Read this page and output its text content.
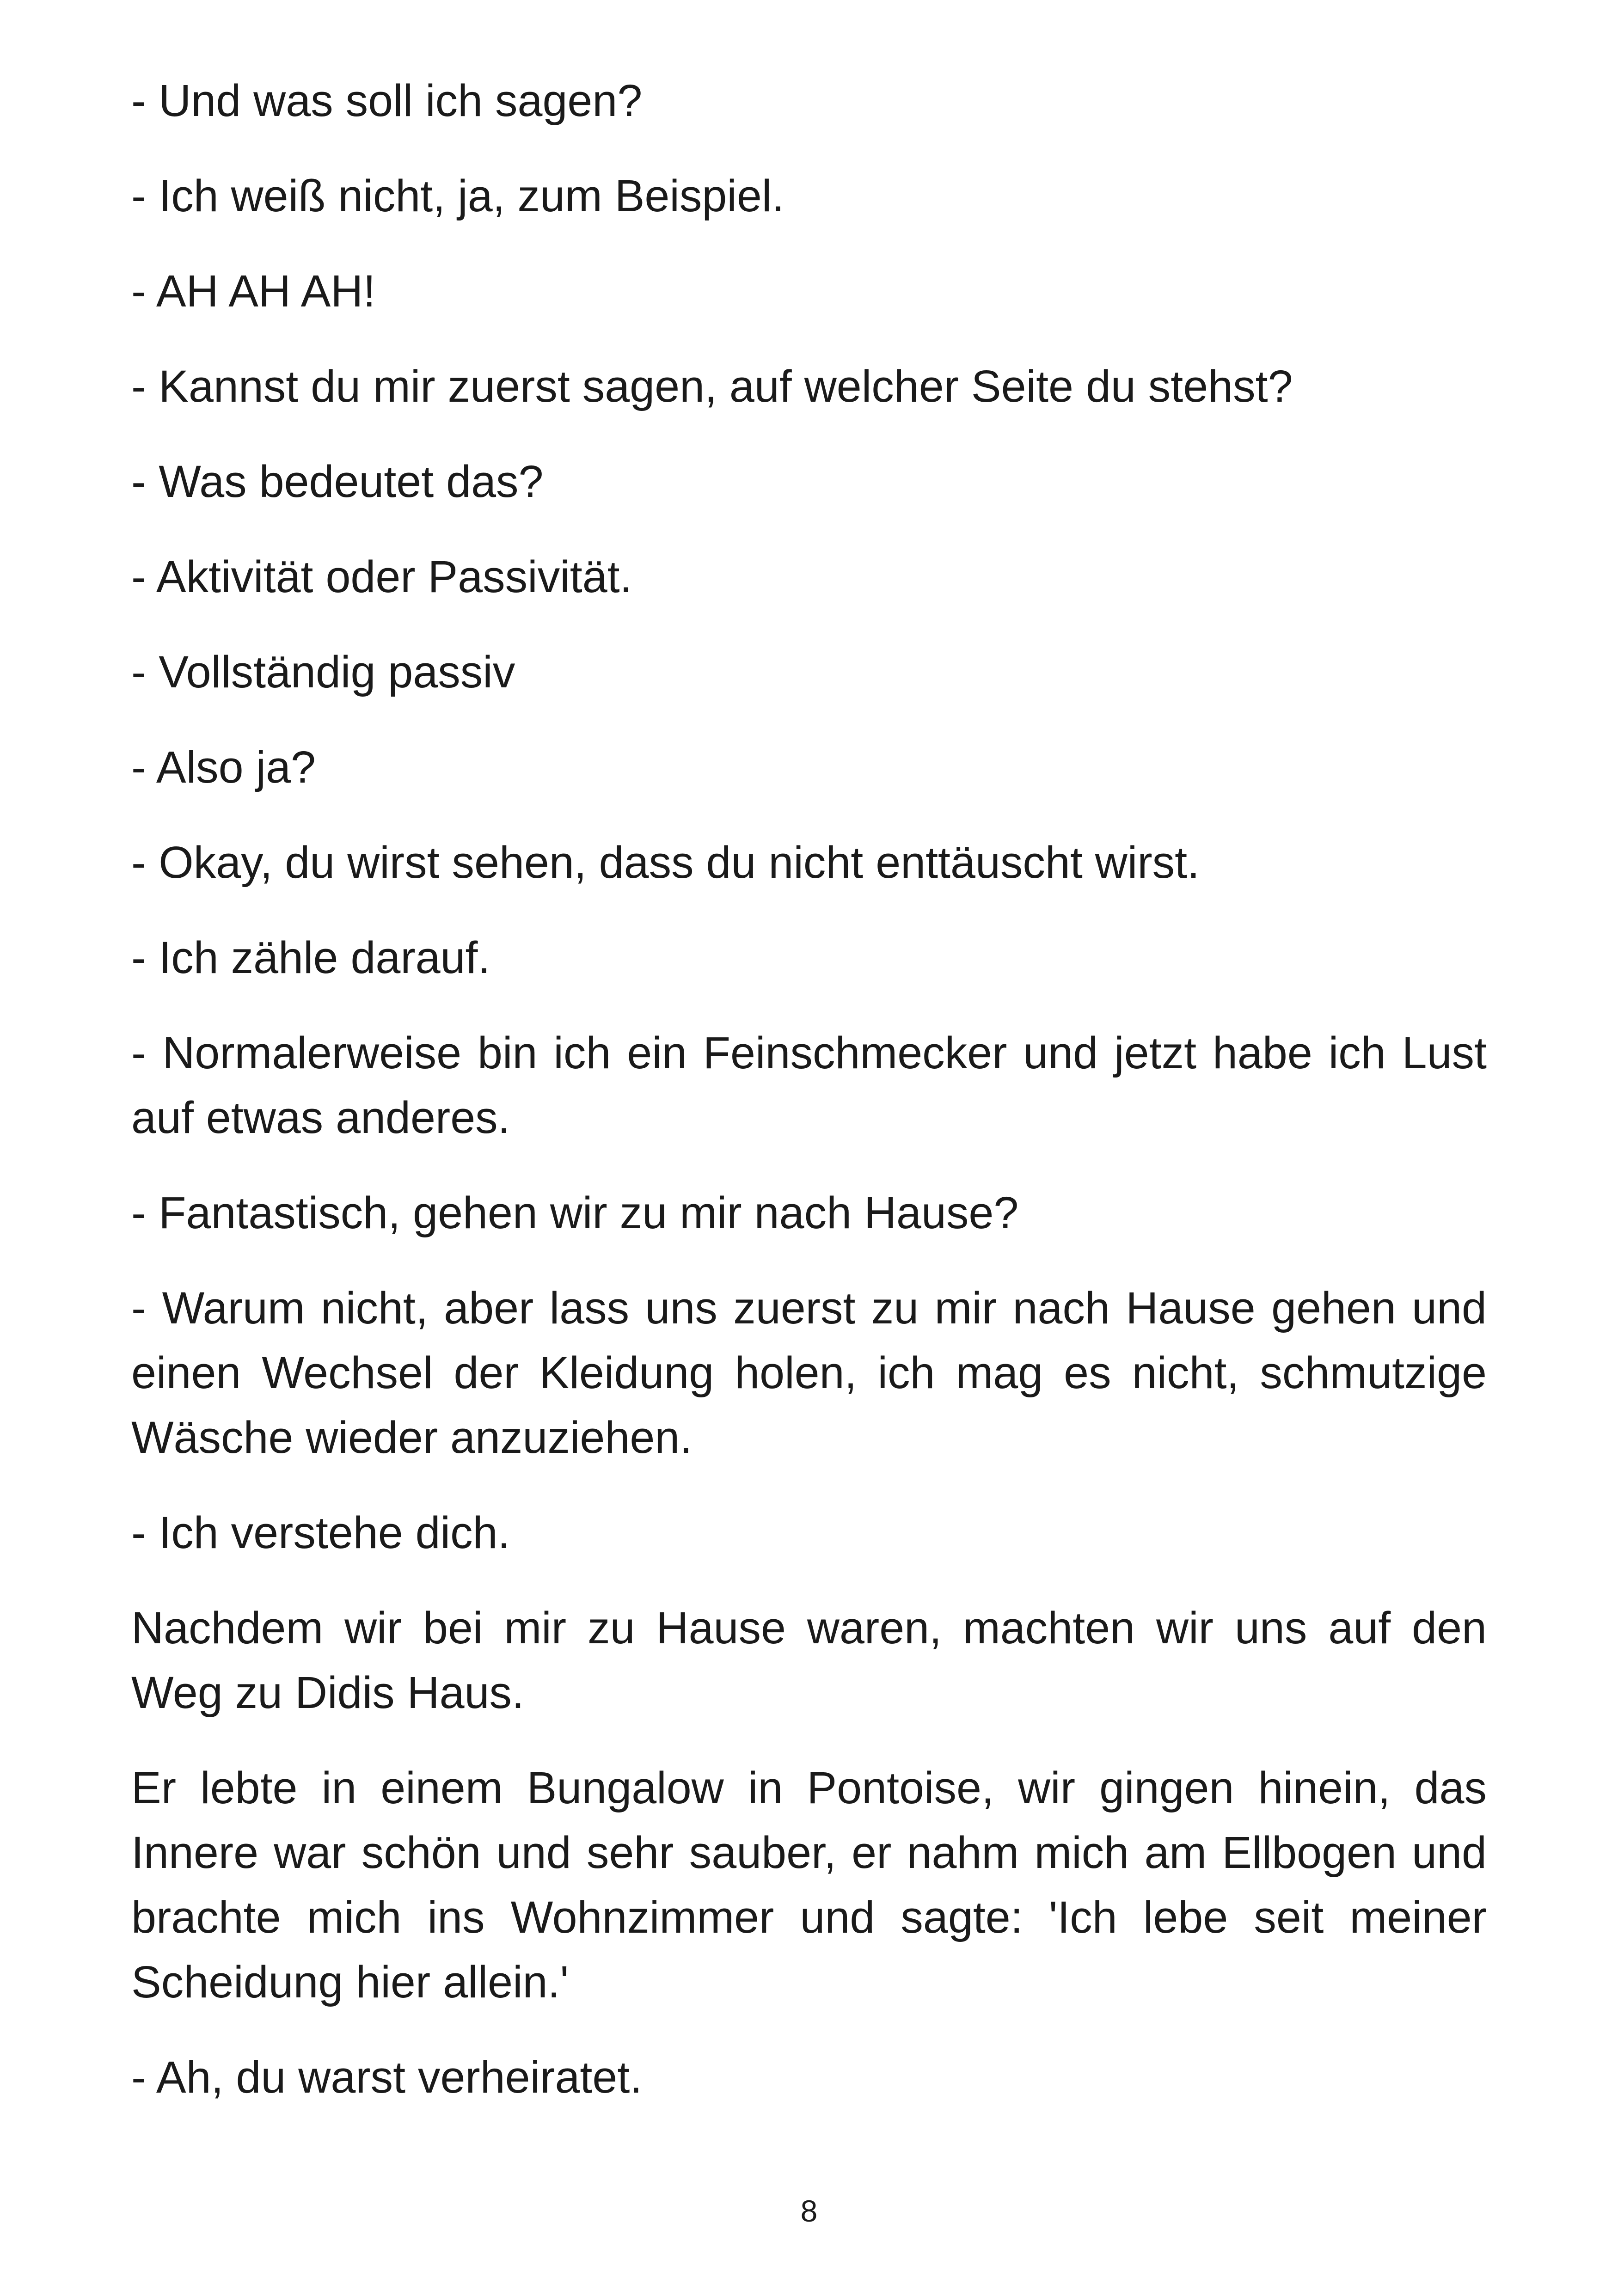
- Und was soll ich sagen?

- Ich weiß nicht, ja, zum Beispiel.

- AH AH AH!

- Kannst du mir zuerst sagen, auf welcher Seite du stehst?

- Was bedeutet das?

- Aktivität oder Passivität.

- Vollständig passiv

- Also ja?

- Okay, du wirst sehen, dass du nicht enttäuscht wirst.

- Ich zähle darauf.

- Normalerweise bin ich ein Feinschmecker und jetzt habe ich Lust auf etwas anderes.

- Fantastisch, gehen wir zu mir nach Hause?

- Warum nicht, aber lass uns zuerst zu mir nach Hause gehen und einen Wechsel der Kleidung holen, ich mag es nicht, schmutzige Wäsche wieder anzuziehen.

- Ich verstehe dich.

Nachdem wir bei mir zu Hause waren, machten wir uns auf den Weg zu Didis Haus.

Er lebte in einem Bungalow in Pontoise, wir gingen hinein, das Innere war schön und sehr sauber, er nahm mich am Ellbogen und brachte mich ins Wohnzimmer und sagte: 'Ich lebe seit meiner Scheidung hier allein.'

- Ah, du warst verheiratet.

8
